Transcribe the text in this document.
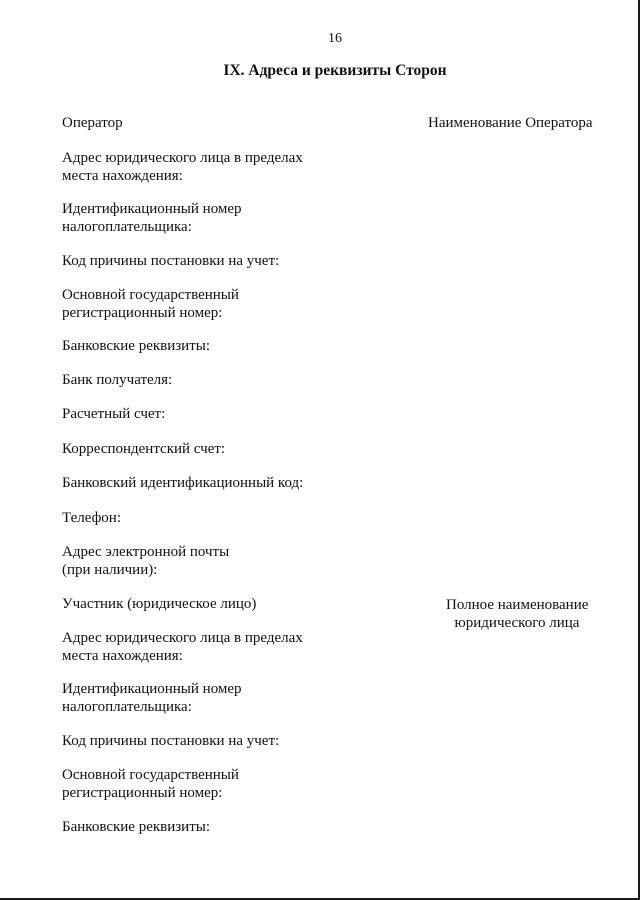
16
IX. Адреса и реквизиты Сторон
Оператор	Наименование Оператора
Адрес юридического лица в пределах
места нахождения:
Идентификационный номер
налогоплательщика:
Код причины постановки на учет:
Основной государственный
регистрационный номер:
Банковские реквизиты:
Банк получателя:
Расчетный счет:
Корреспондентский счет:
Банковский идентификационный код:
Телефон:
Адрес электронной почты
(при наличии):
Участник (юридическое лицо)	Полное наименование
юридического лица
Адрес юридического лица в пределах
места нахождения:
Идентификационный номер
налогоплательщика:
Код причины постановки на учет:
Основной государственный
регистрационный номер:
Банковские реквизиты:
